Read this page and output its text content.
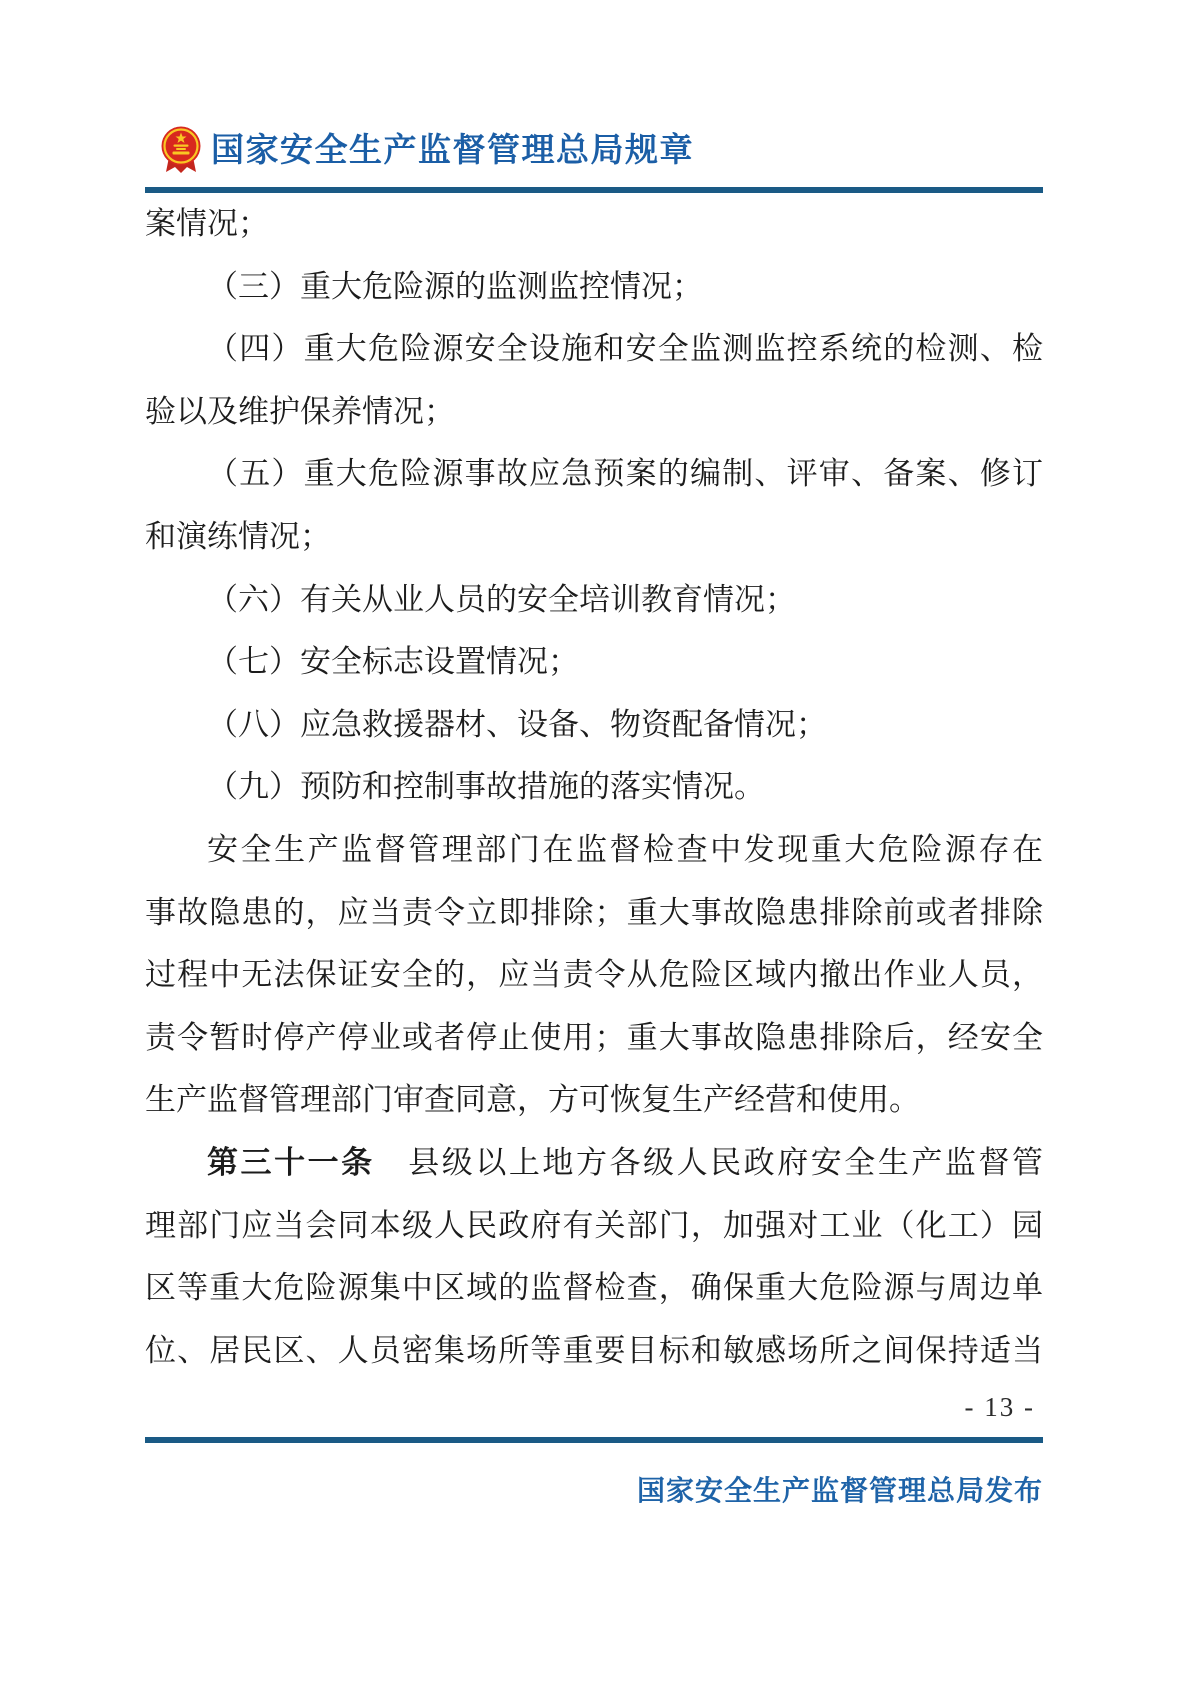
国家安全生产监督管理总局规章
案情况；
（三）重大危险源的监测监控情况；
（四）重大危险源安全设施和安全监测监控系统的检测、检
验以及维护保养情况；
（五）重大危险源事故应急预案的编制、评审、备案、修订
和演练情况；
（六）有关从业人员的安全培训教育情况；
（七）安全标志设置情况；
（八）应急救援器材、设备、物资配备情况；
（九）预防和控制事故措施的落实情况。
安全生产监督管理部门在监督检查中发现重大危险源存在
事故隐患的，应当责令立即排除；重大事故隐患排除前或者排除
过程中无法保证安全的，应当责令从危险区域内撤出作业人员，
责令暂时停产停业或者停止使用；重大事故隐患排除后，经安全
生产监督管理部门审查同意，方可恢复生产经营和使用。
第三十一条　县级以上地方各级人民政府安全生产监督管
理部门应当会同本级人民政府有关部门，加强对工业（化工）园
区等重大危险源集中区域的监督检查，确保重大危险源与周边单
位、居民区、人员密集场所等重要目标和敏感场所之间保持适当
- 13 -
国家安全生产监督管理总局发布
